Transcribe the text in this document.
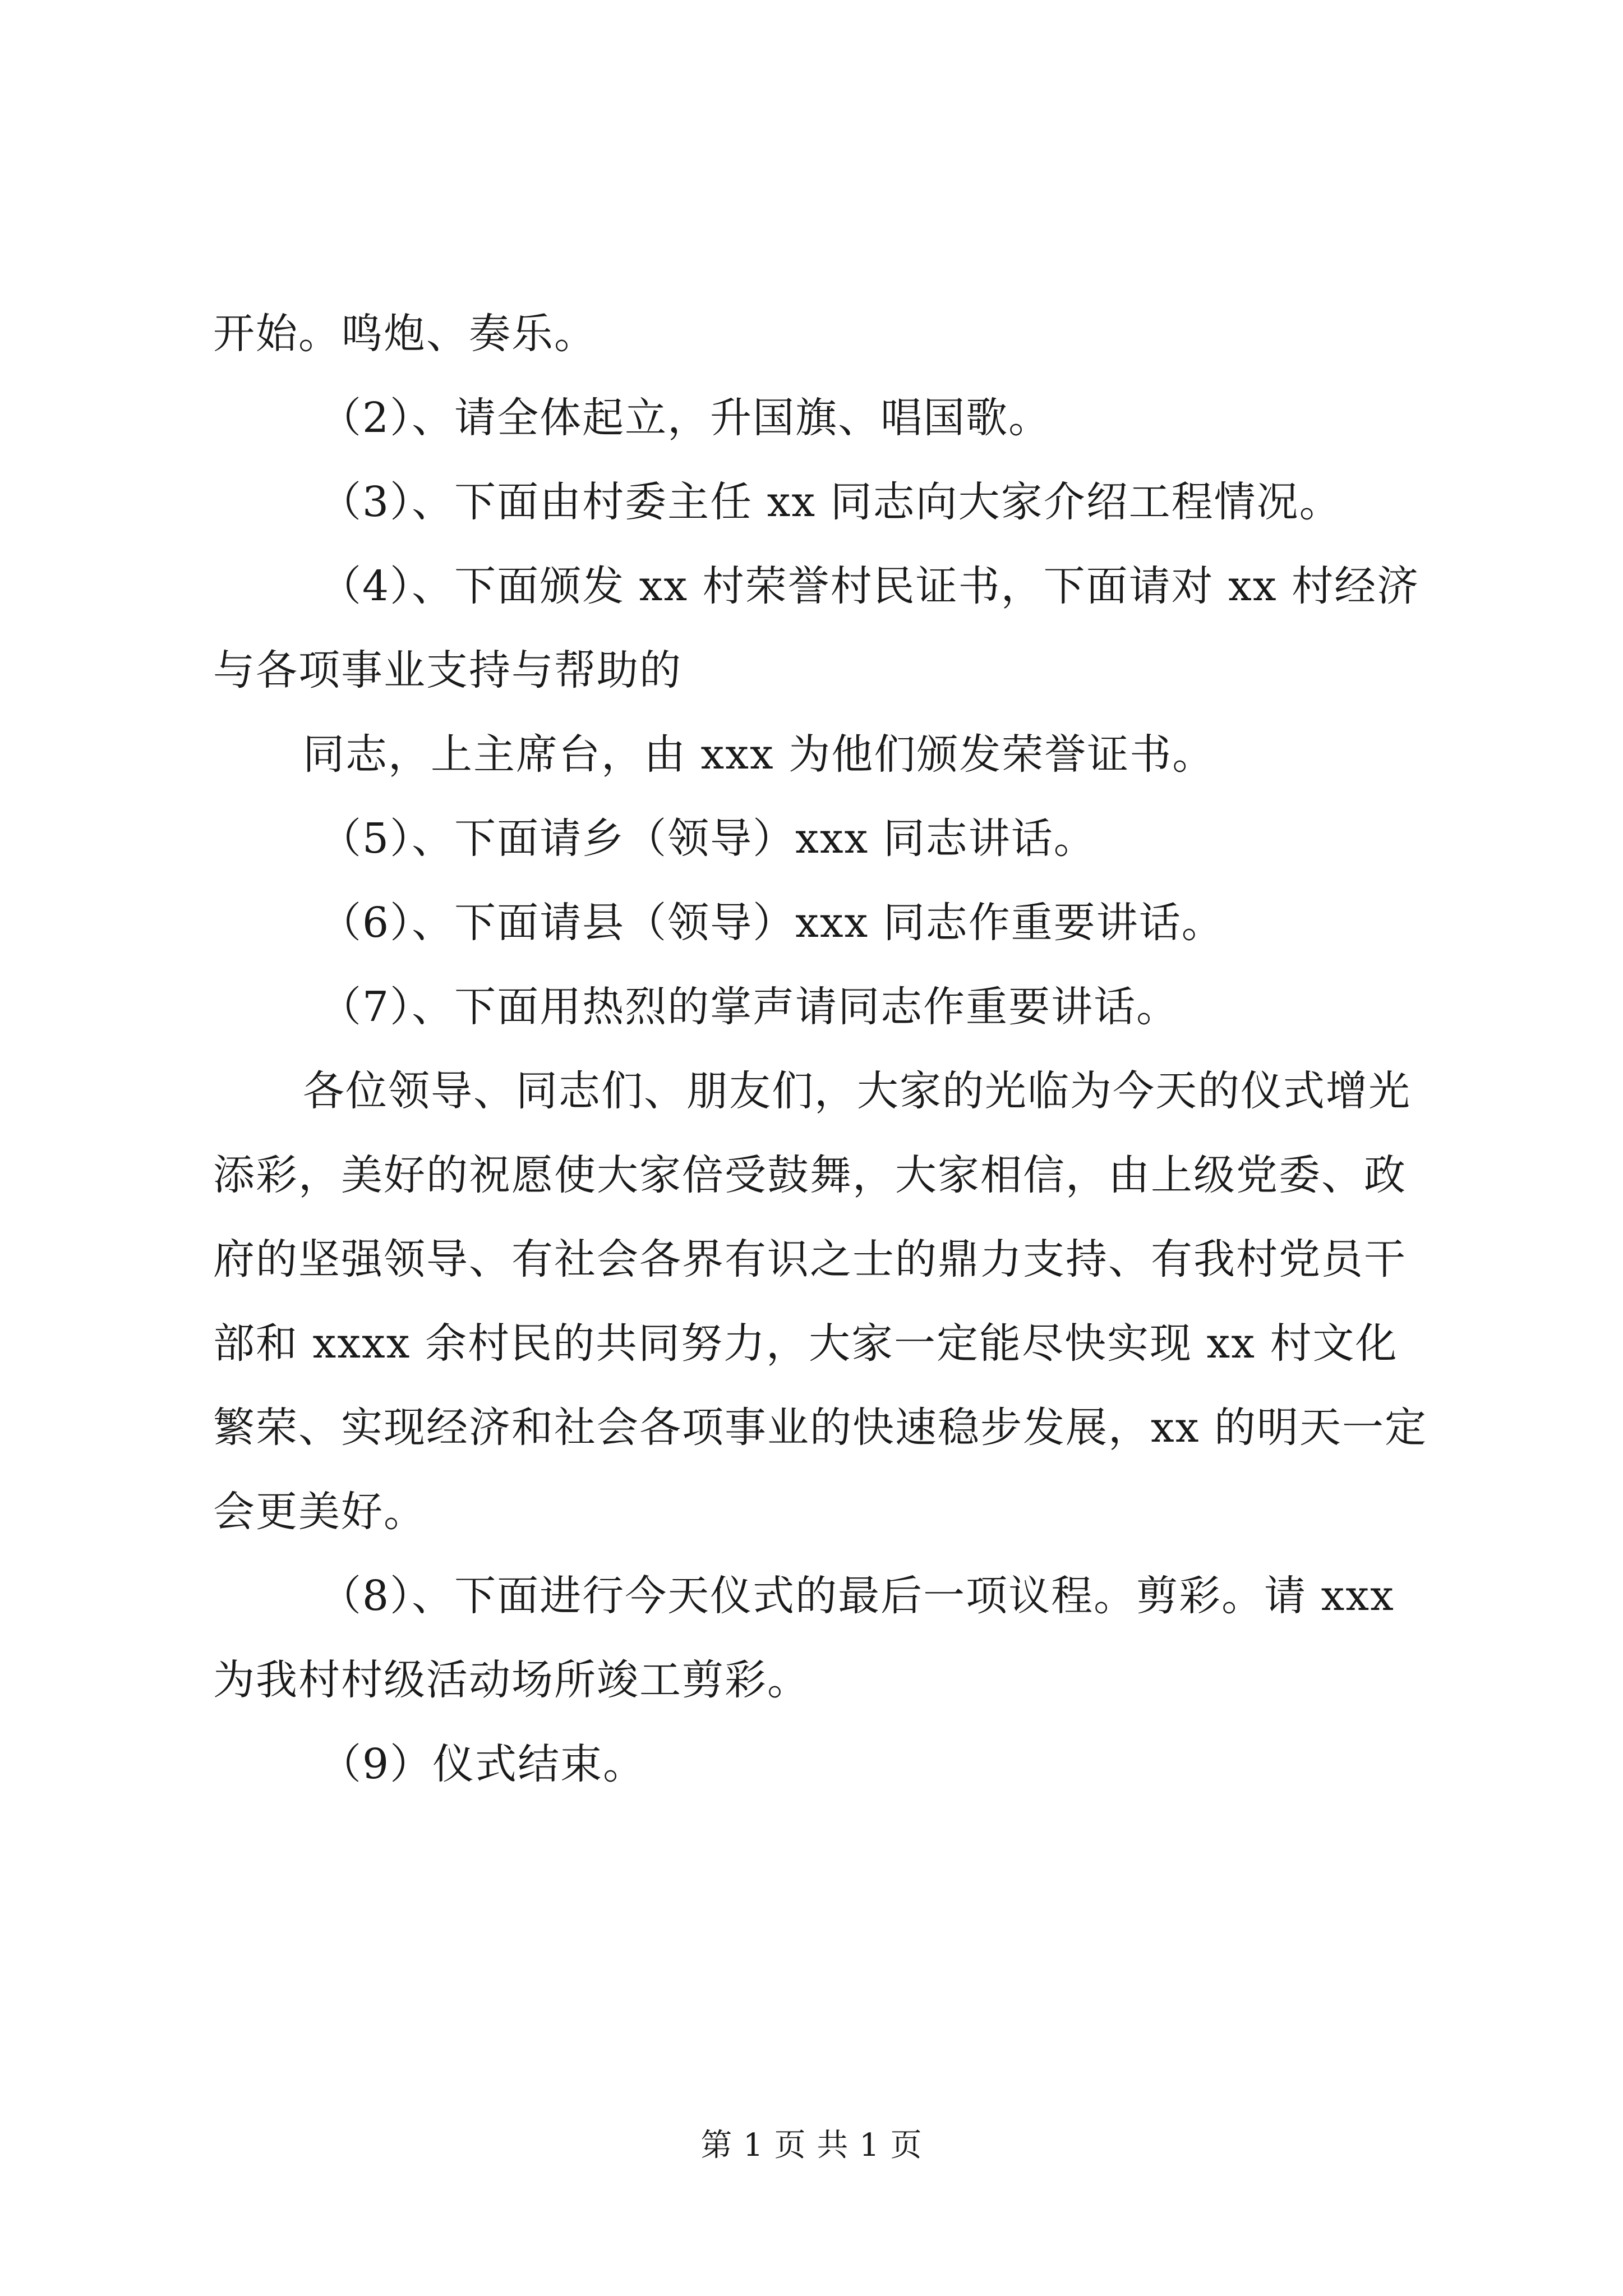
开始。鸣炮、奏乐。

（2）、请全体起立，升国旗、唱国歌。

（3）、下面由村委主任 xx 同志向大家介绍工程情况。

（4）、下面颁发 xx 村荣誉村民证书，下面请对 xx 村经济与各项事业支持与帮助的

同志，上主席台，由 xxx 为他们颁发荣誉证书。

（5）、下面请乡（领导）xxx 同志讲话。

（6）、下面请县（领导）xxx 同志作重要讲话。

（7）、下面用热烈的掌声请同志作重要讲话。

各位领导、同志们、朋友们，大家的光临为今天的仪式增光添彩，美好的祝愿使大家倍受鼓舞，大家相信，由上级党委、政府的坚强领导、有社会各界有识之士的鼎力支持、有我村党员干部和 xxxx 余村民的共同努力，大家一定能尽快实现 xx 村文化繁荣、实现经济和社会各项事业的快速稳步发展，xx 的明天一定会更美好。

（8）、下面进行今天仪式的最后一项议程。剪彩。请 xxx 为我村村级活动场所竣工剪彩。

（9）仪式结束。

第 1 页 共 1 页
